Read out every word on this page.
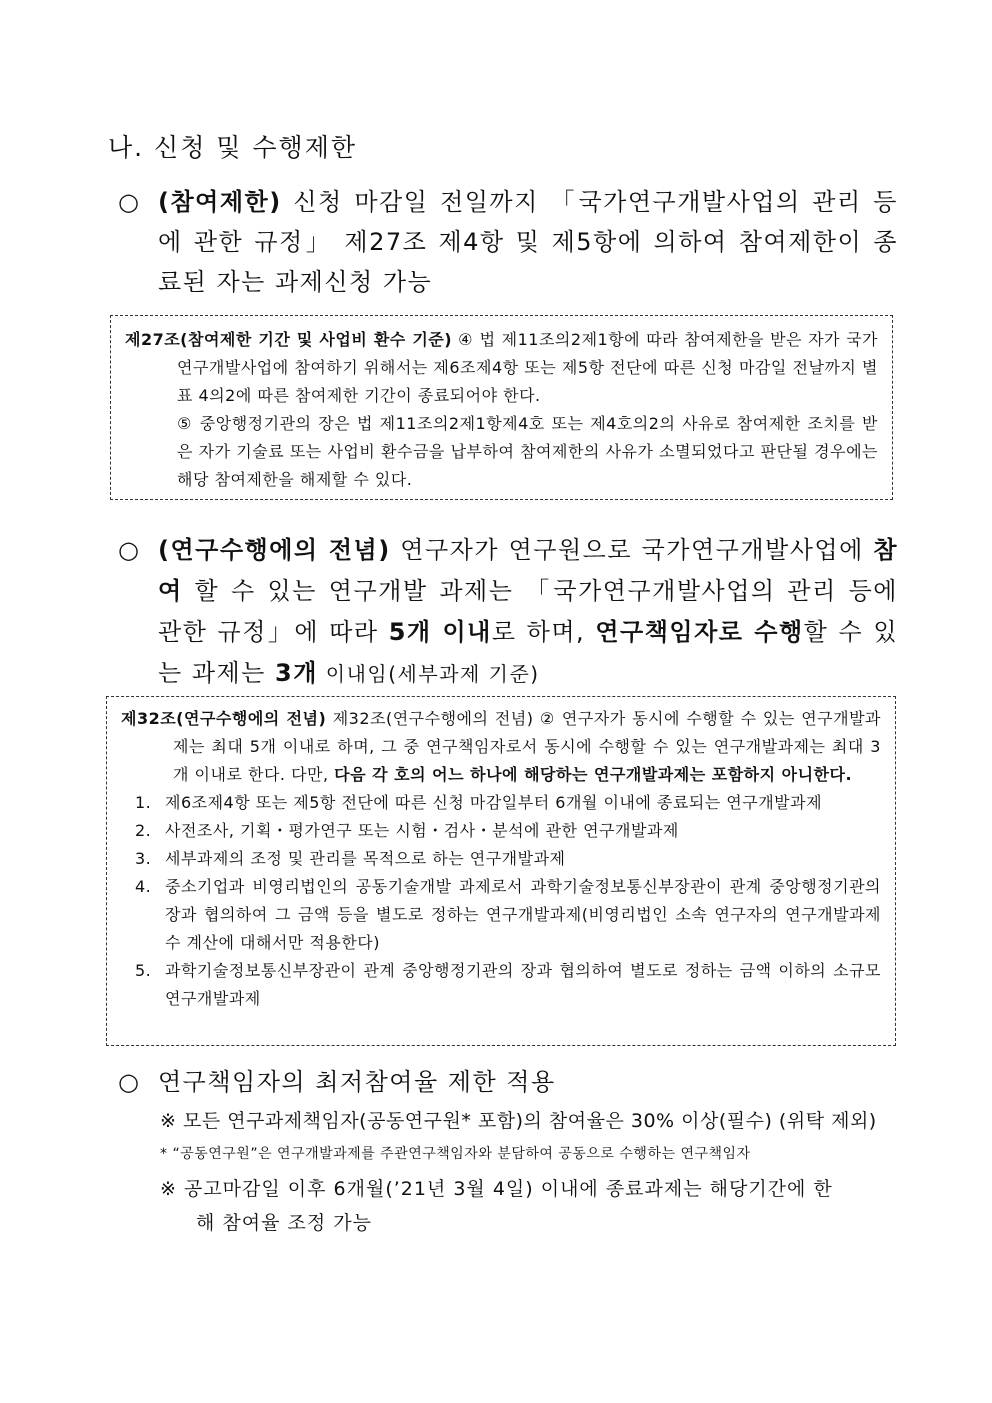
나. 신청 및 수행제한
○ (참여제한) 신청 마감일 전일까지 「국가연구개발사업의 관리 등에 관한 규정」 제27조 제4항 및 제5항에 의하여 참여제한이 종료된 자는 과제신청 가능
제27조(참여제한 기간 및 사업비 환수 기준) ④ 법 제11조의2제1항에 따라 참여제한을 받은 자가 국가연구개발사업에 참여하기 위해서는 제6조제4항 또는 제5항 전단에 따른 신청 마감일 전날까지 별표 4의2에 따른 참여제한 기간이 종료되어야 한다.
⑤ 중앙행정기관의 장은 법 제11조의2제1항제4호 또는 제4호의2의 사유로 참여제한 조치를 받은 자가 기술료 또는 사업비 환수금을 납부하여 참여제한의 사유가 소멸되었다고 판단될 경우에는 해당 참여제한을 해제할 수 있다.
○ (연구수행에의 전념) 연구자가 연구원으로 국가연구개발사업에 참여 할 수 있는 연구개발 과제는 「국가연구개발사업의 관리 등에 관한 규정」에 따라 5개 이내로 하며, 연구책임자로 수행할 수 있는 과제는 3개 이내임(세부과제 기준)
제32조(연구수행에의 전념) 제32조(연구수행에의 전념) ② 연구자가 동시에 수행할 수 있는 연구개발과제는 최대 5개 이내로 하며, 그 중 연구책임자로서 동시에 수행할 수 있는 연구개발과제는 최대 3개 이내로 한다. 다만, 다음 각 호의 어느 하나에 해당하는 연구개발과제는 포함하지 아니한다.
1. 제6조제4항 또는 제5항 전단에 따른 신청 마감일부터 6개월 이내에 종료되는 연구개발과제
2. 사전조사, 기획・평가연구 또는 시험・검사・분석에 관한 연구개발과제
3. 세부과제의 조정 및 관리를 목적으로 하는 연구개발과제
4. 중소기업과 비영리법인의 공동기술개발 과제로서 과학기술정보통신부장관이 관계 중앙행정기관의 장과 협의하여 그 금액 등을 별도로 정하는 연구개발과제(비영리법인 소속 연구자의 연구개발과제 수 계산에 대해서만 적용한다)
5. 과학기술정보통신부장관이 관계 중앙행정기관의 장과 협의하여 별도로 정하는 금액 이하의 소규모 연구개발과제
○ 연구책임자의 최저참여율 제한 적용
※ 모든 연구과제책임자(공동연구원* 포함)의 참여율은 30% 이상(필수) (위탁 제외)
* “공동연구원”은 연구개발과제를 주관연구책임자와 분담하여 공동으로 수행하는 연구책임자
※ 공고마감일 이후 6개월(’21년 3월 4일) 이내에 종료과제는 해당기간에 한
해 참여율 조정 가능
